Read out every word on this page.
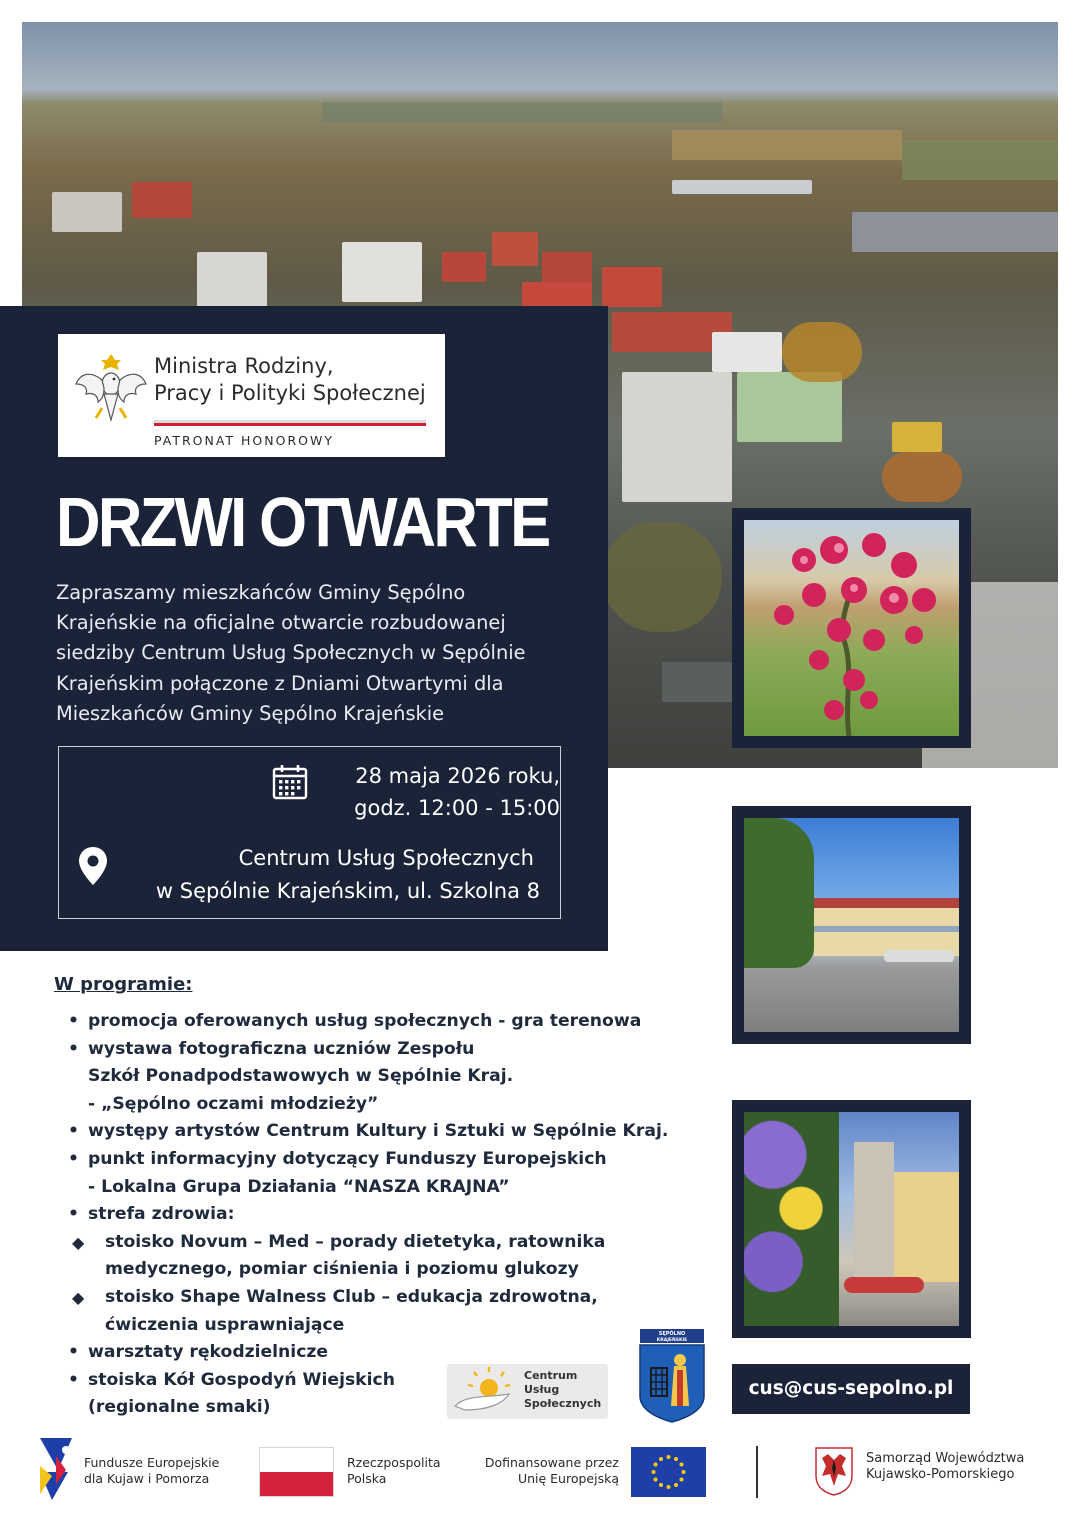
Ministra Rodziny,
Pracy i Polityki Społecznej
PATRONAT HONOROWY
DRZWI OTWARTE
Zapraszamy mieszkańców Gminy Sępólno
Krajeńskie na oficjalne otwarcie rozbudowanej
siedziby Centrum Usług Społecznych w Sępólnie
Krajeńskim połączone z Dniami Otwartymi dla
Mieszkańców Gminy Sępólno Krajeńskie
28 maja 2026 roku,
godz. 12:00 - 15:00
Centrum Usług Społecznych
w Sępólnie Krajeńskim, ul. Szkolna 8
W programie:
• promocja oferowanych usług społecznych - gra terenowa
• wystawa fotograficzna uczniów Zespołu
Szkół Ponadpodstawowych w Sępólnie Kraj.
- „Sępólno oczami młodzieży”
• występy artystów Centrum Kultury i Sztuki w Sępólnie Kraj.
• punkt informacyjny dotyczący Funduszy Europejskich
- Lokalna Grupa Działania “NASZA KRAJNA”
• strefa zdrowia:
◆ stoisko Novum – Med – porady dietetyka, ratownika
medycznego, pomiar ciśnienia i poziomu glukozy
◆ stoisko Shape Walness Club – edukacja zdrowotna,
ćwiczenia usprawniające
• warsztaty rękodzielnicze
• stoiska Kół Gospodyń Wiejskich
(regionalne smaki)
Centrum
Usług
Społecznych
SĘPÓLNO
KRAJEŃSKIE
cus@cus-sepolno.pl
Fundusze Europejskie
dla Kujaw i Pomorza
Rzeczpospolita
Polska
Dofinansowane przez
Unię Europejską
Samorząd Województwa
Kujawsko-Pomorskiego
